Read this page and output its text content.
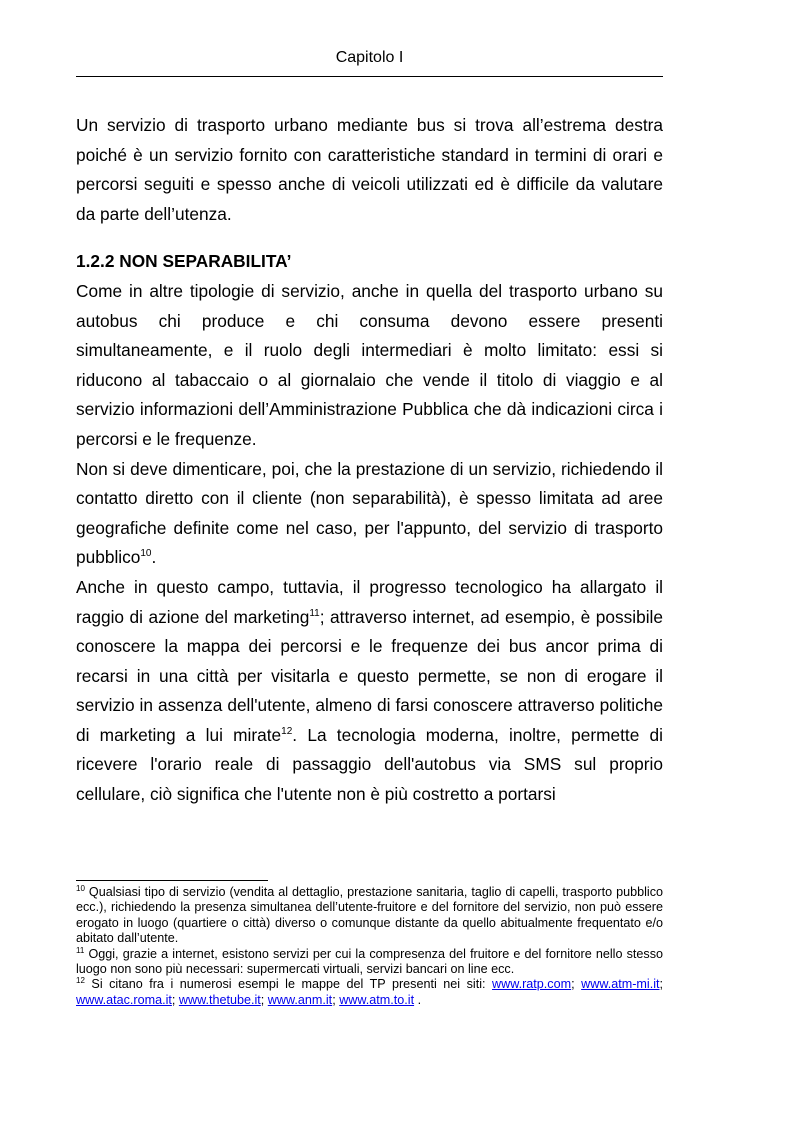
Capitolo I

Un servizio di trasporto urbano mediante bus si trova all’estrema destra poiché è un servizio fornito con caratteristiche standard in termini di orari e percorsi seguiti e spesso anche di veicoli utilizzati ed è difficile da valutare da parte dell’utenza.

1.2.2 NON SEPARABILITA’

Come in altre tipologie di servizio, anche in quella del trasporto urbano su autobus chi produce e chi consuma devono essere presenti simultaneamente, e il ruolo degli intermediari è molto limitato: essi si riducono al tabaccaio o al giornalaio che vende il titolo di viaggio e al servizio informazioni dell’Amministrazione Pubblica che dà indicazioni circa i percorsi e le frequenze.

Non si deve dimenticare, poi, che la prestazione di un servizio, richiedendo il contatto diretto con il cliente (non separabilità), è spesso limitata ad aree geografiche definite come nel caso, per l'appunto, del servizio di trasporto pubblico$^{10}$.

Anche in questo campo, tuttavia, il progresso tecnologico ha allargato il raggio di azione del marketing$^{11}$; attraverso internet, ad esempio, è possibile conoscere la mappa dei percorsi e le frequenze dei bus ancor prima di recarsi in una città per visitarla e questo permette, se non di erogare il servizio in assenza dell'utente, almeno di farsi conoscere attraverso politiche di marketing a lui mirate$^{12}$. La tecnologia moderna, inoltre, permette di ricevere l'orario reale di passaggio dell'autobus via SMS sul proprio cellulare, ciò significa che l'utente non è più costretto a portarsi

$^{10}$ Qualsiasi tipo di servizio (vendita al dettaglio, prestazione sanitaria, taglio di capelli, trasporto pubblico ecc.), richiedendo la presenza simultanea dell’utente-fruitore e del fornitore del servizio, non può essere erogato in luogo (quartiere o città) diverso o comunque distante da quello abitualmente frequentato e/o abitato dall’utente.

$^{11}$ Oggi, grazie a internet, esistono servizi per cui la compresenza del fruitore e del fornitore nello stesso luogo non sono più necessari: supermercati virtuali, servizi bancari on line ecc.

$^{12}$ Si citano fra i numerosi esempi le mappe del TP presenti nei siti: www.ratp.com; www.atm-mi.it; www.atac.roma.it; www.thetube.it; www.anm.it; www.atm.to.it .
